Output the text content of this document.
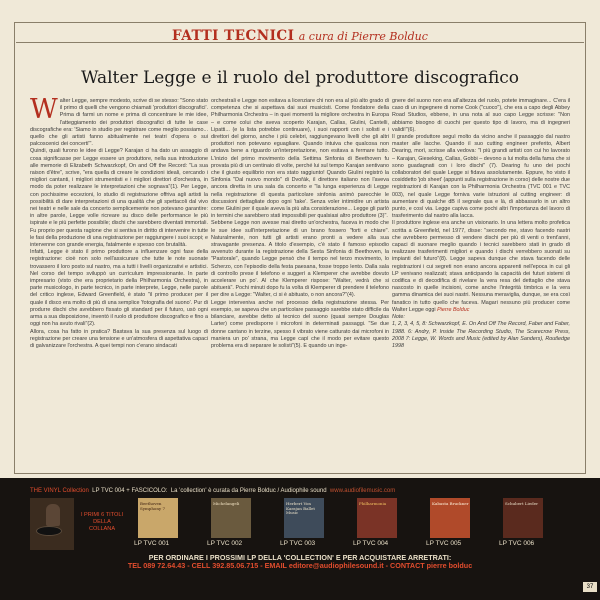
FATTI TECNICI a cura di Pierre Bolduc
Walter Legge e il ruolo del produttore discografico

Walter Legge, sempre modesto, scrive di se stesso: "Sono stato il primo di quelli che vengono chiamati 'produttori discografici'. Prima di farmi un nome e prima di concentrare le mie idee, l'atteggiamento dei produttori discografici di tutte le case discografiche era: 'Siamo in studio per registrare come meglio possiamo... quello che gli artisti fanno abitualmente nei teatri d'opera o sui palcoscenici dei concerti'".

Quindi, quali furono le idee di Legge? Karajan ci ha dato un assaggio di cosa significasse per Legge essere un produttore, nella sua introduzione alle memorie di Elizabeth Schwarzkopf, On and Off the Record: "La sua raison d'être", scrive, "era quella di creare le condizioni ideali, cercando i migliori cantanti, i migliori strumentisti e i migliori direttori d'orchestra, in modo da poter realizzare le interpretazioni che sognava"(1). Per Legge, con pochissime eccezioni, lo studio di registrazione offriva agli artisti la possibilità di dare interpretazioni di una qualità che gli spettacoli dal vivo nei teatri e nelle sale da concerto semplicemente non potevano garantire: in altre parole, Legge volle ricreare su disco delle performance le più ispirate e le più perfette possibile; dischi che sarebbero diventati immortali. Fu proprio per questa ragione che si sentiva in diritto di intervenire in tutte le fasi della produzione di una registrazione per raggiungere i suoi scopi; e intervenne con grande energia, fatalmente e spesso con brutalità.

Infatti, Legge è stato il primo produttore a influenzare ogni fase della registrazione: cioè non solo nell'assicurare che tutte le note suonate trovassero il loro posto sul nastro, ma a tutti i livelli organizzativi e artistici. Nel corso del tempo sviluppò un curriculum impressionante. In parte impresario (visto che era proprietario della Philharmonia Orchestra), in parte musicologo, in parte tecnico, in parte interprete, Legge, nelle parole del critico inglese, Edward Greenfield, è stato "il primo producer per il quale il disco era molto di più di una semplice 'fotografia del suono'. Pur di produrre dischi che avrebbero fissato gli standard per il futuro, usò ogni arma a sua disposizione, inventò il ruolo di produttore discografico e fino a oggi non ha avuto rivali"(2).

Allora, cosa ha fatto in pratica? Bastava la sua presenza sul luogo di registrazione per creare una tensione e un'atmosfera di aspettativa capaci di galvanizzare l'orchestra. A quei tempi non c'erano sindacati

orchestrali e Legge non esitava a licenziare chi non era al più alto grado di competenza che si aspettava dai suoi musicisti. Come fondatore della Philharmonia Orchestra – in quei momenti la migliore orchestra in Europa – e come colui che aveva scoperto Karajan, Callas, Giulini, Cantelli, Lipatti... (e la lista potrebbe continuare), i suoi rapporti con i solisti e i direttori del giorno, anche i più celebri, raggiungevano livelli che gli altri produttori non potevano eguagliare. Quando intuiva che qualcosa non andava bene a riguardo un'interpretazione, non esitava a fermare tutto. L'inizio del primo movimento della Settima Sinfonia di Beethoven fu provata più di un centinaio di volte, perché lui sul tempo Karajan sentivano che il giusto equilibrio non era stato raggiunto! Quando Giulini registrò la Sinfonia "Dal nuovo mondo" di Dvořák, il direttore italiano non l'aveva ancora diretta in una sala da concerto e "la lunga esperienza di Legge nella registrazione di questa particolare sinfonia animò parecchie le discussioni dettagliate dopo ogni 'take'. Senza voler intimidire un artista come Giulini per il quale aveva la più alta considerazione... Legge gli parlò in termini che sarebbero stati impossibili per qualsiasi altro produttore (3)".

Sebbene Legge non avesse mai diretto un'orchestra, faceva in modo che le sue idee sull'interpretazione di un brano fossero "forti e chiare". Naturalmente, non tutti gli artisti erano pronti a vedere alla sua stravagante presenza. A titolo d'esempio, c'è stato il famoso episodio avvenuto durante la registrazione della Sesta Sinfonia di Beethoven, la "Pastorale", quando Legge pensò che il tempo nel terzo movimento, lo Scherzo, con l'episodio della festa paesana, fosse troppo lento. Dalla sala di controllo prese il telefono e suggerì a Klemperer che avrebbe dovuto accelerare un po'. Al che Klemperer rispose: "Walter, vedrà che si abituerà". Pochi minuti dopo fu la volta di Klemperer di prendere il telefono per dire a Legge: "Walter, ci si è abituato, o non ancora?"(4).

Legge interveniva anche nel processo della registrazione stessa. Per esempio, se sapeva che un particolare passaggio sarebbe stato difficile da bilanciare, avrebbe detto al tecnico del suono (quasi sempre Douglas Larter) come predisporre i microfoni in determinati passaggi. "Se due donne cantano in terzine, spesso il vibrato viene catturato dai microfoni in maniera un po' strana, ma Legge capì che il modo per evitare questo problema era di separare le solisti"(5). E quando un inge-

gnere del suono non era all'altezza del ruolo, potete immaginare... C'era il caso di un ingegnere di nome Cook ("cuoco"), che era a capo degli Abbey Road Studios, ebbene, in una nota al suo capo Legge scrisse: "Non abbiamo bisogno di cuochi per questo tipo di lavoro, ma di ingegneri validi!"(6).

Il grande produttore seguì molto da vicino anche il passaggio dal nastro master alle lacche. Quando il suo cutting engineer preferito, Albert Dearing, morì, scrisse alla vedova: "I più grandi artisti con cui ho lavorato – Karajan, Gieseking, Callas, Gobbi – devono a lui molta della fama che si sono guadagnati con i loro dischi" (7). Dearing fu uno dei pochi collaboratori del quale Legge si fidava assolutamente. Eppure, ho visto il cosiddetto 'job sheet' (appunti sulla registrazione in corso) delle nostre due registrazioni di Karajan con la Philharmonia Orchestra (TVC 001 e TVC 003), nel quale Legge forniva varie istruzioni al cutting engineer: di aumentare di qualche dB il segnale qua e là, di abbassarlo in un altro punto, e così via. Legge capiva come pochi altri l'importanza del lavoro di trasferimento dal nastro alla lacca.

Il produttore inglese era anche un visionario. In una lettera molto profetica scritta a Greenfield, nel 1977, disse: "secondo me, stavo facendo nastri che avrebbero permesso di vendere dischi per più di venti o trent'anni, capaci di suonare meglio quando i tecnici sarebbero stati in grado di realizzare trasferimenti migliori e quando i dischi verrebbero suonati su impianti del futuro"(8). Legge sapeva dunque che stava facendo delle registrazioni i cui segreti non erano ancora apparenti nell'epoca in cui gli LP venivano realizzati; stava anticipando la capacità dei futuri sistemi di codifica e di decodifica di rivelare la vera resa del dettaglio che stava nascosto in quelle incisioni, come anche l'integrità timbrica e la vera gamma dinamica dei suoi nastri. Nessuna meraviglia, dunque, se era così fanatico in tutto quello che faceva. Magari nessuno più producer come Walter Legge oggi Pierre Bolduc

Note:
1, 2, 3, 4, 5, 8: Schwarzkopf, E. On And Off The Record, Faber and Faber, 1988. 6: Andry, P. Inside The Recording Studio, The Scarecrow Press, 2008 7: Legge, W. Words and Music (edited by Alan Sanders), Routledge 1998

THE VINYL Collection LP TVC 004 + FASCICOLO: La 'collection' è curata da Pierre Bolduc / Audiophile sound www.audiofilemusic.com
I PRIMI 6 TITOLI DELLA COLLANA
Beethoven Symphony 7
Michelangeli	Herbert Von Karajan Ballet Music
Philharmonia	Kabasta Bruckner	Schubert Lieder
LP TVC 001	LP TVC 002	LP TVC 003	LP TVC 004	LP TVC 005	LP TVC 006
PER ORDINARE I PROSSIMI LP DELLA 'COLLECTION' E PER ACQUISTARE ARRETRATI:
TEL 089 72.64.43 - CELL 392.85.06.715 - EMAIL editore@audiophilesound.it - CONTACT pierre bolduc
37
